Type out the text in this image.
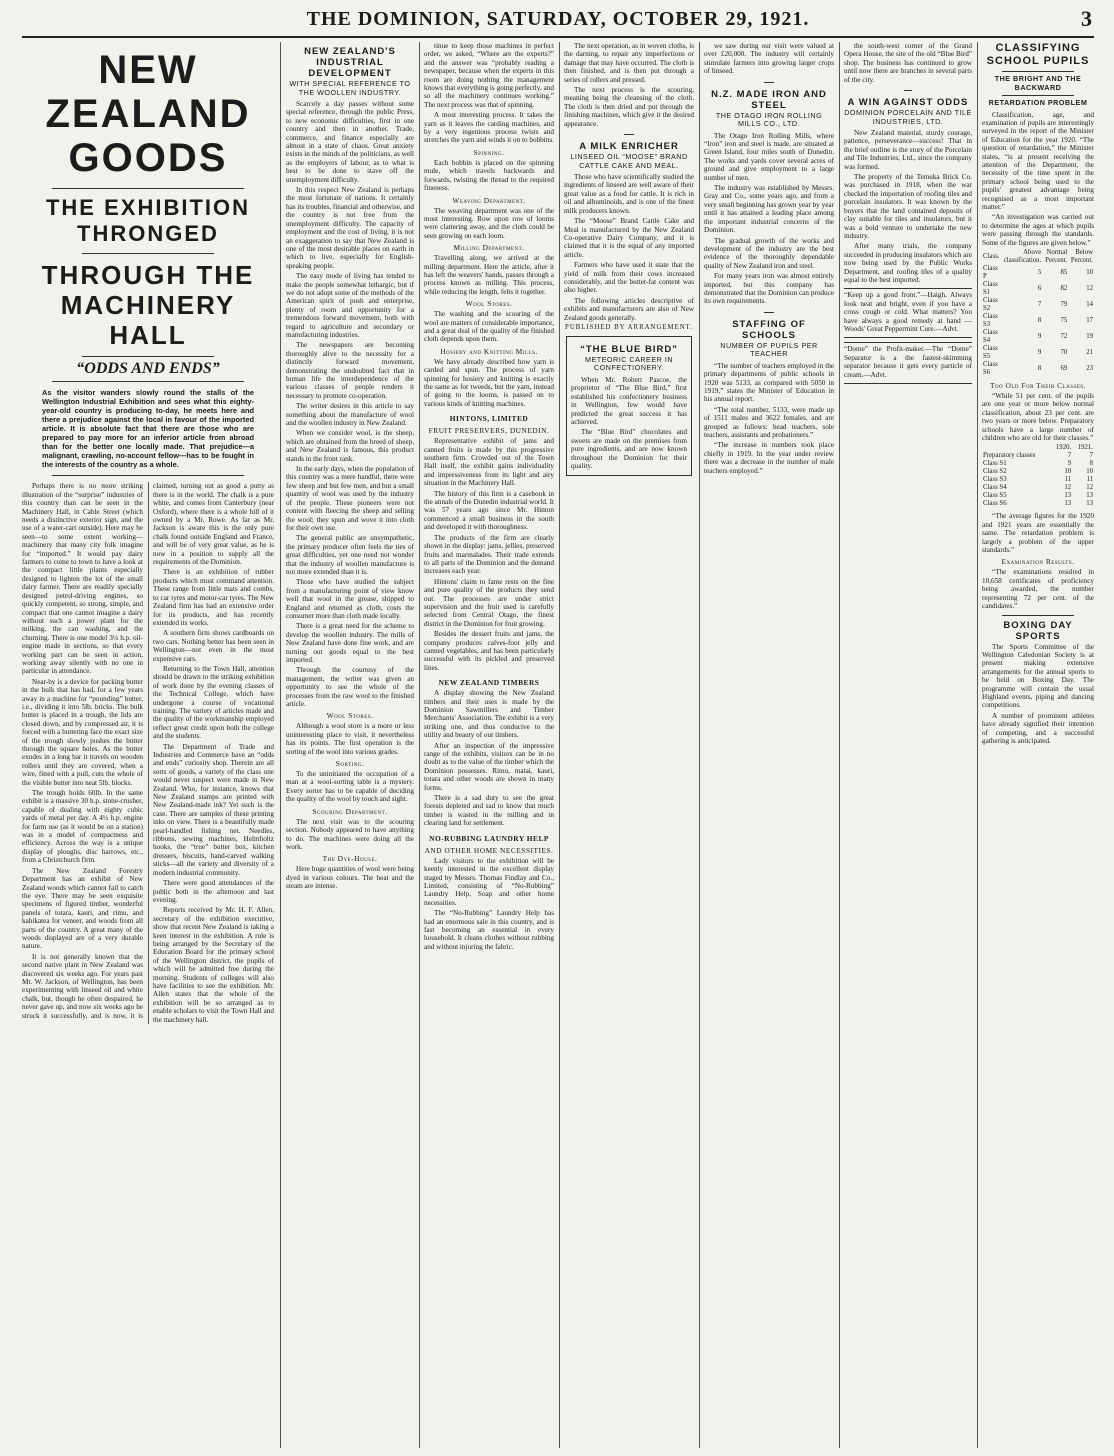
THE DOMINION, SATURDAY, OCTOBER 29, 1921.	3
NEW ZEALAND GOODS
THE EXHIBITION THRONGED
THROUGH THE MACHINERY HALL
“ODDS AND ENDS”
As the visitor wanders slowly round the stalls of the Wellington Industrial Exhibition and sees what this eighty-year-old country is producing to-day, he meets here and there a prejudice against the local in favour of the imported article. It is absolute fact that there are those who are prepared to pay more for an inferior article from abroad than for the better one locally made. That prejudice—a malignant, crawling, no-account fellow—has to be fought in the interests of the country as a whole.

Perhaps there is no more striking illustration of the “surprise” industries of this country than can be seen in the Machinery Hall, in Cable Street (which needs a distinctive exterior sign, and the use of a water-cart outside). Here may be seen—to some extent working—machinery that many city folk imagine for “imported.” It would pay dairy farmers to come to town to have a look at the compact little plants especially designed to lighten the lot of the small dairy farmer. There are readily specially designed petrol-driving engines, so quickly competent, so strong, simple, and compact that one cannot imagine a dairy without such a power plant for the milking, the can washing, and the churning. There is one model 3½ h.p. oil-engine made in sections, so that every working part can be seen in action, working away silently with no one in particular in attendance.

Near-by is a device for packing butter in the bulk that has had, for a few years away in a machine for “pounding” butter, i.e., dividing it into 5lb. bricks. The bulk butter is placed in a trough, the lids are closed down, and by compressed air, it is forced with a buttering face the exact size of the trough slowly pushes the butter through the square holes. As the butter exudes in a long bar it travels on wooden rollers until they are covered, when a wire, fitted with a pull, cuts the whole of the visible butter into neat 5lb. blocks.

The trough holds 60lb. In the same exhibit is a massive 30 h.p. stone-crusher, capable of dealing with eighty cubic yards of metal per day. A 4½ h.p. engine for farm use (as it would be on a station) was in a model of compactness and efficiency. Across the way is a unique display of ploughs, disc harrows, etc., from a Christchurch firm.

The New Zealand Forestry Department has an exhibit of New Zealand woods which cannot fail to catch the eye. There may be seen exquisite specimens of figured timber, wonderful panels of totara, kauri, and rimu, and kahikatea for veneer, and woods from all parts of the country. A great many of the woods displayed are of a very durable nature.

It is not generally known that the second native plant in New Zealand was discovered six weeks ago. For years past Mr. W. Jackson, of Wellington, has been experimenting with linseed oil and white chalk, but, though he often despaired, he never gave up, and now six weeks ago he struck it successfully, and is now, it is claimed, turning out as good a putty as there is in the world. The chalk is a pure white, and comes from Canterbury (near Oxford), where there is a whole hill of it owned by a Mr. Rowe. As far as Mr. Jackson is aware this is the only pure chalk found outside England and France, and will be of very great value, as he is now in a position to supply all the requirements of the Dominion.

There is an exhibition of rubber products which must command attention. These range from little mats and combs, to car tyres and motor-car tyres. The New Zealand firm has had an extensive order for its products, and has recently extended its works.

A southern firm shows cardboards on two cars. Nothing better has been seen in Wellington—not even in the most expensive cars.

Returning to the Town Hall, attention should be drawn to the striking exhibition of work done by the evening classes of the Technical College, which have undergone a course of vocational training. The variety of articles made and the quality of the workmanship employed reflect great credit upon both the college and the students.

The Department of Trade and Industries and Commerce have an “odds and ends” curiosity shop. Therein are all sorts of goods, a variety of the class one would never suspect were made in New Zealand. Who, for instance, knows that New Zealand stamps are printed with New Zealand-made ink? Yet such is the case. There are samples of these printing inks on view. There is a beautifully made pearl-handled fishing net. Needles, ribbons, sewing machines, Helmholtz hooks, the “true” butter box, kitchen dressers, biscuits, hand-carved walking sticks—all the variety and diversity of a modern industrial community.

There were good attendances of the public both in the afternoon and last evening.

Reports received by Mr. H. F. Allen, secretary of the exhibition executive, show that recent New Zealand is taking a keen interest in the exhibition. A rule is being arranged by the Secretary of the Education Board for the primary school of the Wellington district, the pupils of which will be admitted free during the morning. Students of colleges will also have facilities to see the exhibition. Mr. Allen states that the whole of the exhibition will be so arranged as to enable scholars to visit the Town Hall and the machinery hall.

NEW ZEALAND'S INDUSTRIAL DEVELOPMENT
WITH SPECIAL REFERENCE TO THE WOOLLEN INDUSTRY.

Scarcely a day passes without some special reference, through the public Press, to new economic difficulties, first in one country and then in another. Trade, commerce, and finance especially are almost in a state of chaos. Great anxiety exists in the minds of the politicians, as well as the employers of labour, as to what is best to be done to stave off the unemployment difficulty.

In this respect New Zealand is perhaps the most fortunate of nations. It certainly has its troubles, financial and otherwise, and the country is not free from the unemployment difficulty. The capacity of employment and the cost of living, it is not an exaggeration to say that New Zealand is one of the most desirable places on earth in which to live, especially for English-speaking people.

The easy mode of living has tended to make the people somewhat lethargic, but if we do not adopt some of the methods of the American spirit of push and enterprise, plenty of room and opportunity for a tremendous forward movement, both with regard to agriculture and secondary or manufacturing industries.

The newspapers are becoming thoroughly alive to the necessity for a distinctly forward movement, demonstrating the undoubted fact that in human life the interdependence of the various classes of people renders it necessary to promote co-operation.

The writer desires in this article to say something about the manufacture of wool and the woollen industry in New Zealand.

When we consider wool, is the sheep, which are obtained from the breed of sheep, and New Zealand is famous, this product stands in the front rank.

In the early days, when the population of this country was a mere handful, there were few sheep and but few men, and but a small quantity of wool was used by the industry of the people. These pioneers were not content with fleecing the sheep and selling the wool; they spun and wove it into cloth for their own use.

The general public are unsympathetic, the primary producer often feels the ties of great difficulties, yet one need not wonder that the industry of woollen manufacture is not more extended than it is.

Those who have studied the subject from a manufacturing point of view know well that wool in the grease, shipped to England and returned as cloth, costs the consumer more than cloth made locally.

There is a great need for the scheme to develop the woollen industry. The mills of New Zealand have done fine work, and are turning out goods equal to the best imported.

Through the courtesy of the management, the writer was given an opportunity to see the whole of the processes from the raw wool to the finished article.

Wool Stores.

Although a wool store is a more or less uninteresting place to visit, it nevertheless has its points. The first operation is the sorting of the wool into various grades.

Sorting.

To the uninitiated the occupation of a man at a wool-sorting table is a mystery. Every sorter has to be capable of deciding the quality of the wool by touch and sight.

Scouring Department.

The next visit was to the scouring section. Nobody appeared to have anything to do. The machines were doing all the work.

The Dye-House.

Here huge quantities of wool were being dyed in various colours. The heat and the steam are intense.

tinue to keep those machines in perfect order, we asked, “Where are the experts?” and the answer was “probably reading a newspaper, because when the experts in this room are doing nothing the management knows that everything is going perfectly, and so all the machinery continues working.” The next process was that of spinning.

A most interesting process. It takes the yarn as it leaves the carding machines, and by a very ingenious process twists and stretches the yarn and winds it on to bobbins.

Spinning.

Each bobbin is placed on the spinning mule, which travels backwards and forwards, twisting the thread to the required fineness.

Weaving Department.

The weaving department was one of the most interesting. Row upon row of looms were clattering away, and the cloth could be seen growing on each loom.

Milling Department.

Travelling along, we arrived at the milling department. Here the article, after it has left the weavers' hands, passes through a process known as milling. This process, while reducing the length, felts it together.

Wool Stores.

The washing and the scouring of the wool are matters of considerable importance, and a great deal of the quality of the finished cloth depends upon them.

Hosiery and Knitting Mills.

We have already described how yarn is carded and spun. The process of yarn spinning for hosiery and knitting is exactly the same as for tweeds, but the yarn, instead of going to the looms, is passed on to various kinds of knitting machines.

HINTONS, LIMITED
FRUIT PRESERVERS, DUNEDIN.

Representative exhibit of jams and canned fruits is made by this progressive southern firm. Crowded out of the Town Hall itself, the exhibit gains individuality and impressiveness from its light and airy situation in the Machinery Hall.

The history of this firm is a casebook in the annals of the Dunedin industrial world. It was 57 years ago since Mr. Hinton commenced a small business in the south and developed it with thoroughness.

The products of the firm are clearly shown in the display: jams, jellies, preserved fruits and marmalades. Their trade extends to all parts of the Dominion and the demand increases each year.

Hintons' claim to fame rests on the fine and pure quality of the products they send out. The processes are under strict supervision and the fruit used is carefully selected from Central Otago, the finest district in the Dominion for fruit growing.

Besides the dessert fruits and jams, the company produces calves-foot jelly and canned vegetables, and has been particularly successful with its pickled and preserved lines.

NEW ZEALAND TIMBERS

A display showing the New Zealand timbers and their uses is made by the Dominion Sawmillers and Timber Merchants' Association. The exhibit is a very striking one, and thus conducive to the utility and beauty of our timbers.

After an inspection of the impressive range of the exhibits, visitors can be in no doubt as to the value of the timber which the Dominion possesses. Rimu, matai, kauri, totara and other woods are shown in many forms.

There is a sad duty to see the great forests depleted and sad to know that much timber is wasted in the milling and in clearing land for settlement.

NO-RUBBING LAUNDRY HELP
AND OTHER HOME NECESSITIES.

Lady visitors to the exhibition will be keenly interested in the excellent display staged by Messrs. Thomas Findlay and Co., Limited, consisting of “No-Rubbing” Laundry Help, Soap and other home necessities.

The “No-Rubbing” Laundry Help has had an enormous sale in this country, and is fast becoming an essential in every household. It cleans clothes without rubbing and without injuring the fabric.

The next operation, as in woven cloths, is the darning, to repair any imperfections or damage that may have occurred. The cloth is then finished, and is then put through a series of rollers and pressed.

The next process is the scouring, meaning being the cleansing of the cloth. The cloth is then dried and put through the finishing machines, which give it the desired appearance.

A MILK ENRICHER
LINSEED OIL “MOOSE” BRAND CATTLE CAKE AND MEAL.

Those who have scientifically studied the ingredients of linseed are well aware of their great value as a food for cattle. It is rich in oil and albuminoids, and is one of the finest milk producers known.

The “Moose” Brand Cattle Cake and Meal is manufactured by the New Zealand Co-operative Dairy Company, and it is claimed that it is the equal of any imported article.

Farmers who have used it state that the yield of milk from their cows increased considerably, and the butter-fat content was also higher.

The following articles descriptive of exhibits and manufacturers are also of New Zealand goods generally.

PUBLISHED BY ARRANGEMENT.
“THE BLUE BIRD”
METEORIC CAREER IN CONFECTIONERY.

When Mr. Robert Pascoe, the proprietor of “The Blue Bird,” first established his confectionery business in Wellington, few would have predicted the great success it has achieved.

The “Blue Bird” chocolates and sweets are made on the premises from pure ingredients, and are now known throughout the Dominion for their quality.

we saw during our visit were valued at over £20,000. The industry will certainly stimulate farmers into growing larger crops of linseed.

N.Z. MADE IRON AND STEEL
THE OTAGO IRON ROLLING MILLS CO., LTD.

The Otago Iron Rolling Mills, where “Iron” iron and steel is made, are situated at Green Island, four miles south of Dunedin. The works and yards cover several acres of ground and give employment to a large number of men.

The industry was established by Messrs. Gray and Co., some years ago, and from a very small beginning has grown year by year until it has attained a leading place among the important industrial concerns of the Dominion.

The gradual growth of the works and development of the industry are the best evidence of the thoroughly dependable quality of New Zealand iron and steel.

For many years iron was almost entirely imported, but this company has demonstrated that the Dominion can produce its own requirements.

STAFFING OF SCHOOLS
NUMBER OF PUPILS PER TEACHER

“The number of teachers employed in the primary departments of public schools in 1920 was 5133, as compared with 5050 in 1919,” states the Minister of Education in his annual report.

“The total number, 5133, were made up of 1511 males and 3622 females, and are grouped as follows: head teachers, sole teachers, assistants and probationers.”

“The increase in numbers took place chiefly in 1919. In the year under review there was a decrease in the number of male teachers employed.”

the south-west corner of the Grand Opera House, the site of the old “Blue Bird” shop. The business has continued to grow until now there are branches in several parts of the city.

A WIN AGAINST ODDS
DOMINION PORCELAIN AND TILE INDUSTRIES, LTD.

New Zealand material, sturdy courage, patience, perseverance—success! That in the brief outline is the story of the Porcelain and Tile Industries, Ltd., since the company was formed.

The property of the Temuka Brick Co. was purchased in 1918, when the war checked the importation of roofing tiles and porcelain insulators. It was known by the buyers that the land contained deposits of clay suitable for tiles and insulators, but it was a bold venture to undertake the new industry.

After many trials, the company succeeded in producing insulators which are now being used by the Public Works Department, and roofing tiles of a quality equal to the best imported.

“Keep up a good front.”—Haigh. Always look neat and bright, even if you have a cross cough or cold. What matters? You have always a good remedy at hand — Woods' Great Peppermint Cure.—Advt.

“Dome” the Profit-maker.—The “Dome” Separator is a the fastest-skimming separator because it gets every particle of cream.—Advt.

CLASSIFYING SCHOOL PUPILS
THE BRIGHT AND THE BACKWARD
RETARDATION PROBLEM

Classification, age, and examination of pupils are interestingly surveyed in the report of the Minister of Education for the year 1920. “The question of retardation,” the Minister states, “is at present receiving the attention of the Department, the necessity of the time spent in the primary school being used to the pupils' greatest advantage being recognised as a most important matter.”

“An investigation was carried out to determine the ages at which pupils were passing through the standards. Some of the figures are given below.”

Class.	Above classification.	Normal Percent.	Below Percent.
Class P	5	85	10
Class S1	6	82	12
Class S2	7	79	14
Class S3	8	75	17
Class S4	9	72	19
Class S5	9	70	21
Class S6	8	69	23
Too Old For Their Classes.

“While 51 per cent. of the pupils are one year or more below normal classification, about 23 per cent. are two years or more below. Preparatory schools have a large number of children who are old for their classes.”

	1920.	1921.
Preparatory classes	7	7
Class S1	9	8
Class S2	10	10
Class S3	11	11
Class S4	12	12
Class S5	13	13
Class S6	13	13

“The average figures for the 1920 and 1921 years are essentially the same. The retardation problem is largely a problem of the upper standards.”

Examination Results.

“The examinations resulted in 10,658 certificates of proficiency being awarded, the number representing 72 per cent. of the candidates.”

BOXING DAY SPORTS

The Sports Committee of the Wellington Caledonian Society is at present making extensive arrangements for the annual sports to be held on Boxing Day. The programme will contain the usual Highland events, piping and dancing competitions.

A number of prominent athletes have already signified their intention of competing, and a successful gathering is anticipated.
